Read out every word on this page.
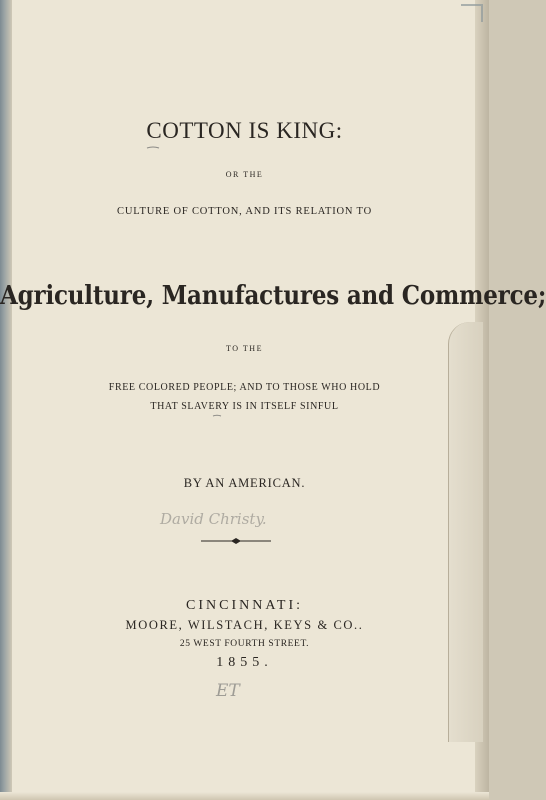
COTTON IS KING:

OR THE

CULTURE OF COTTON, AND ITS RELATION TO

Agriculture, Manufactures and Commerce;

TO THE

FREE COLORED PEOPLE; AND TO THOSE WHO HOLD

THAT SLAVERY IS IN ITSELF SINFUL

BY AN AMERICAN.

David Christy.

CINCINNATI:

MOORE, WILSTACH, KEYS & CO..

25 WEST FOURTH STREET.

1855.

ET
